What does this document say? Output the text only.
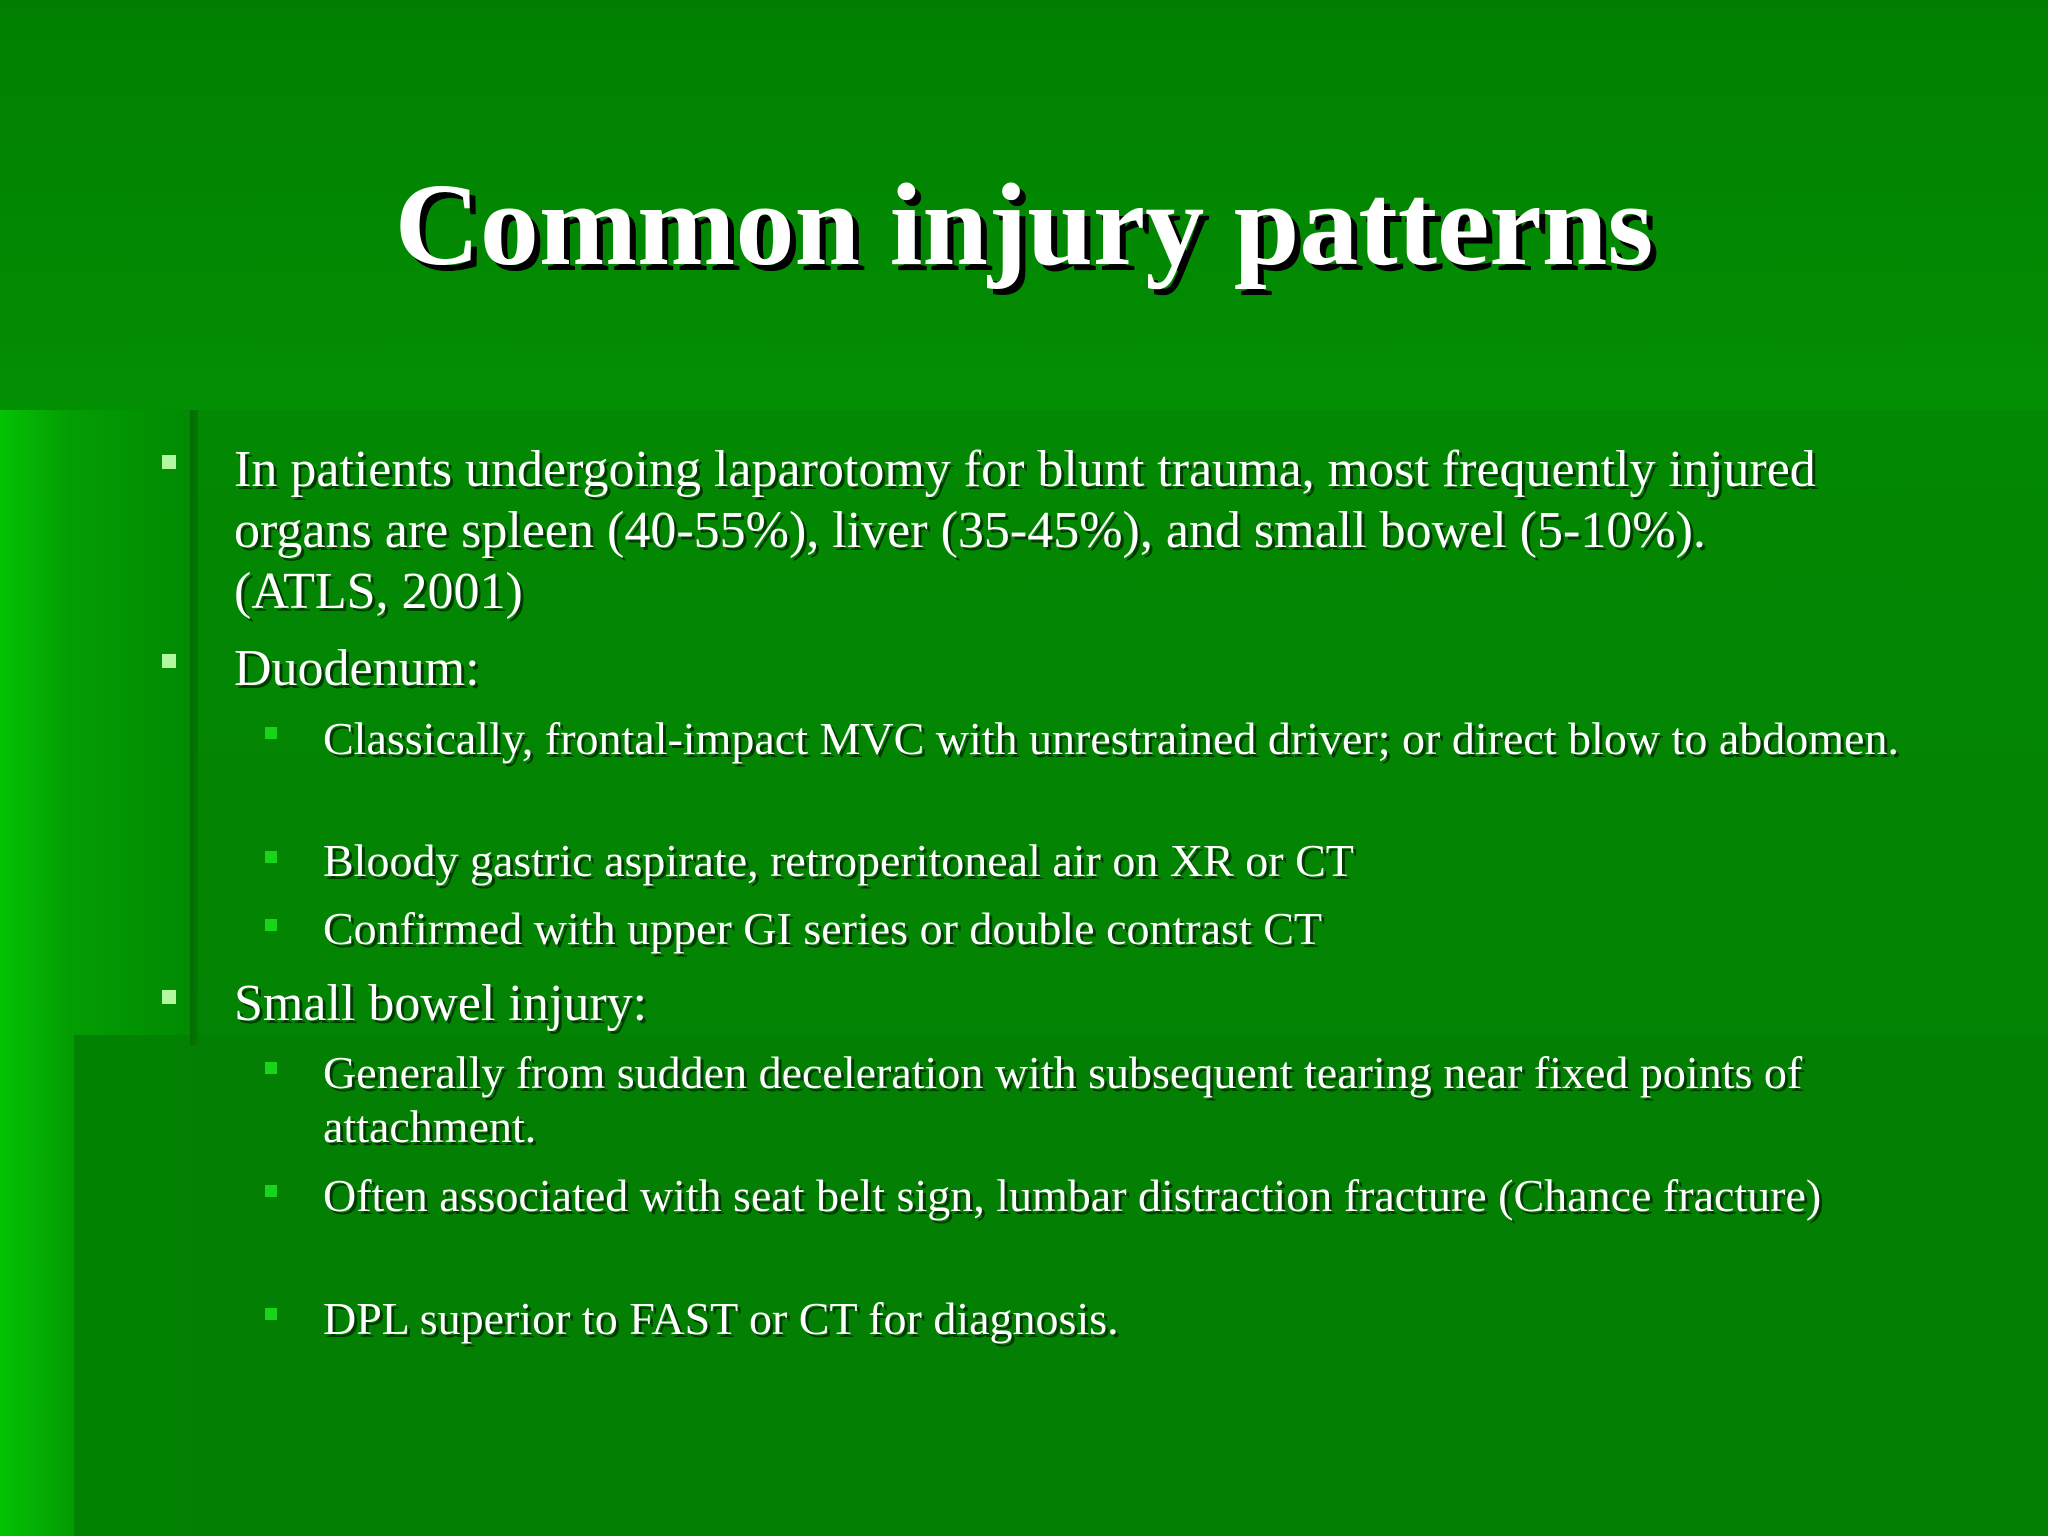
Common injury patterns
In patients undergoing laparotomy for blunt trauma, most frequently injured organs are spleen (40-55%), liver (35-45%), and small bowel (5-10%). (ATLS, 2001)
Duodenum:
Classically, frontal-impact MVC with unrestrained driver; or direct blow to abdomen.
Bloody gastric aspirate, retroperitoneal air on XR or CT
Confirmed with upper GI series or double contrast CT
Small bowel injury:
Generally from sudden deceleration with subsequent tearing near fixed points of attachment.
Often associated with seat belt sign, lumbar distraction fracture (Chance fracture)
DPL superior to FAST or CT for diagnosis.
